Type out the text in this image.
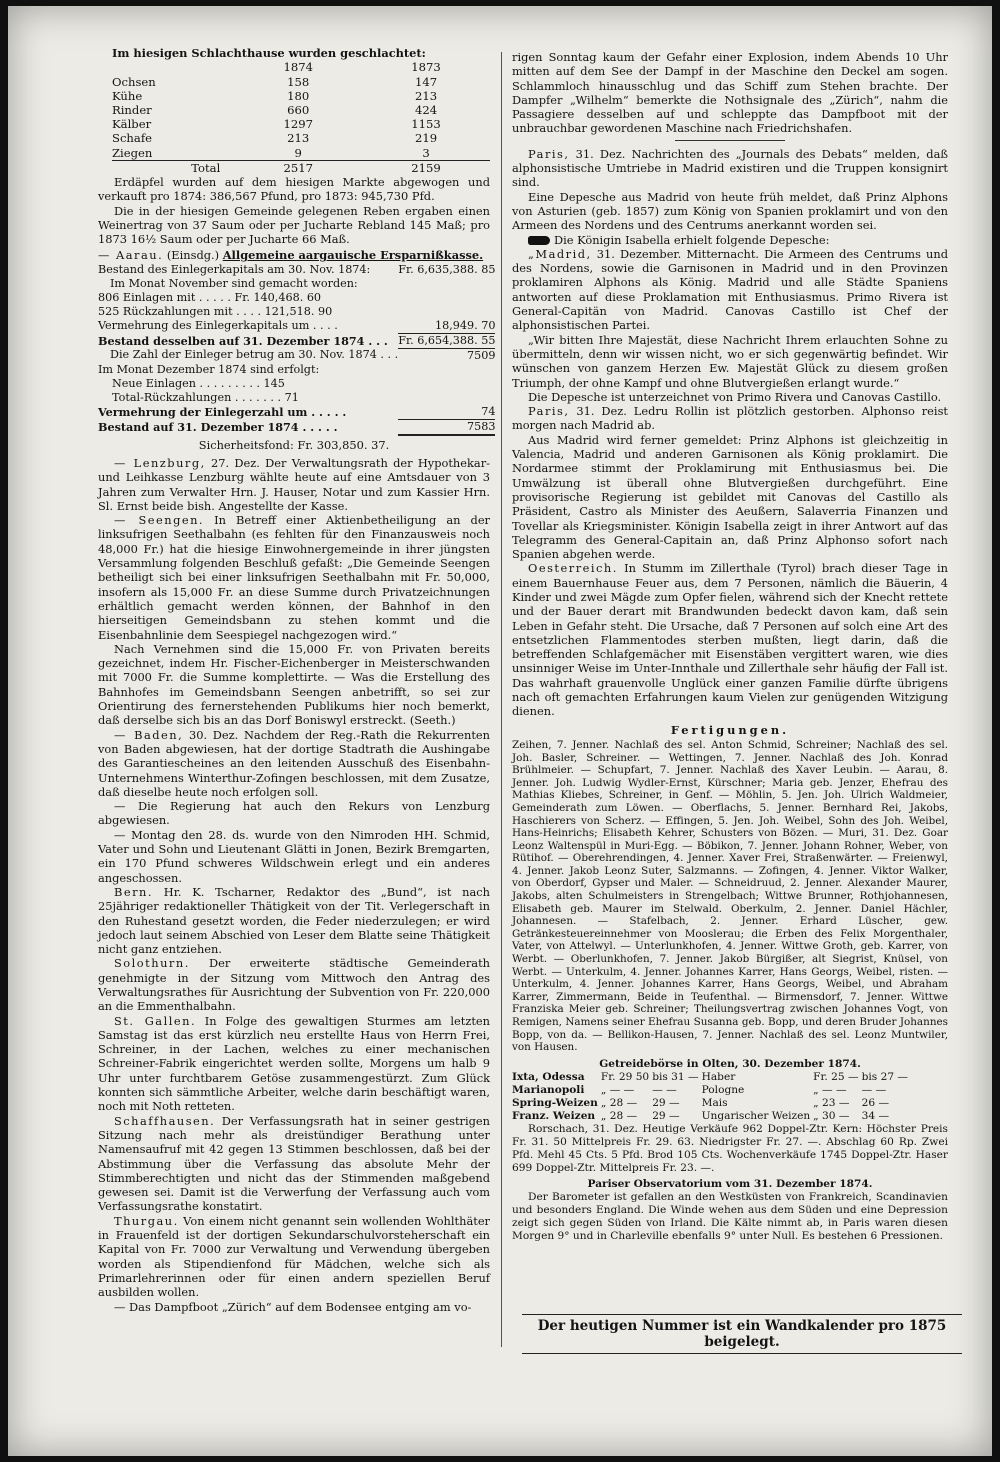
Im hiesigen Schlachthause wurden geschlachtet:

	1874	1873
Ochsen	158	147
Kühe	180	213
Rinder	660	424
Kälber	1297	1153
Schafe	213	219
Ziegen	9	3
Total	2517	2159

Erdäpfel wurden auf dem hiesigen Markte abgewogen und verkauft pro 1874: 386,567 Pfund, pro 1873: 945,730 Pfd.

Die in der hiesigen Gemeinde gelegenen Reben ergaben einen Weinertrag von 37 Saum oder per Jucharte Rebland 145 Maß; pro 1873 16½ Saum oder per Jucharte 66 Maß.

— Aarau. (Einsdg.) Allgemeine aargauische Ersparnißkasse.

Bestand des Einlegerkapitals am 30. Nov. 1874:	Fr. 6,635,388. 85
Im Monat November sind gemacht worden:	
806 Einlagen mit . . . . . Fr. 140,468. 60	
525 Rückzahlungen mit . . . . 121,518. 90	
Vermehrung des Einlegerkapitals um . . . .	18,949. 70
Bestand desselben auf 31. Dezember 1874 . . .	Fr. 6,654,388. 55
Die Zahl der Einleger betrug am 30. Nov. 1874 . . .	7509
Im Monat Dezember 1874 sind erfolgt:	
Neue Einlagen . . . . . . . . . 145	
Total-Rückzahlungen . . . . . . . 71	
Vermehrung der Einlegerzahl um . . . . .	74
Bestand auf 31. Dezember 1874 . . . . .	7583

Sicherheitsfond: Fr. 303,850. 37.

— Lenzburg, 27. Dez. Der Verwaltungsrath der Hypothekar- und Leihkasse Lenzburg wählte heute auf eine Amtsdauer von 3 Jahren zum Verwalter Hrn. J. Hauser, Notar und zum Kassier Hrn. Sl. Ernst beide bish. Angestellte der Kasse.

— Seengen. In Betreff einer Aktienbetheiligung an der linksufrigen Seethalbahn (es fehlten für den Finanzausweis noch 48,000 Fr.) hat die hiesige Einwohnergemeinde in ihrer jüngsten Versammlung folgenden Beschluß gefaßt: „Die Gemeinde Seengen betheiligt sich bei einer linksufrigen Seethalbahn mit Fr. 50,000, insofern als 15,000 Fr. an diese Summe durch Privatzeichnungen erhältlich gemacht werden können, der Bahnhof in den hierseitigen Gemeindsbann zu stehen kommt und die Eisenbahnlinie dem Seespiegel nachgezogen wird.“

Nach Vernehmen sind die 15,000 Fr. von Privaten bereits gezeichnet, indem Hr. Fischer-Eichenberger in Meisterschwanden mit 7000 Fr. die Summe komplettirte. — Was die Erstellung des Bahnhofes im Gemeindsbann Seengen anbetrifft, so sei zur Orientirung des fernerstehenden Publikums hier noch bemerkt, daß derselbe sich bis an das Dorf Boniswyl erstreckt. (Seeth.)

— Baden, 30. Dez. Nachdem der Reg.-Rath die Rekurrenten von Baden abgewiesen, hat der dortige Stadtrath die Aushingabe des Garantiescheines an den leitenden Ausschuß des Eisenbahn-Unternehmens Winterthur-Zofingen beschlossen, mit dem Zusatze, daß dieselbe heute noch erfolgen soll.

— Die Regierung hat auch den Rekurs von Lenzburg abgewiesen.

— Montag den 28. ds. wurde von den Nimroden HH. Schmid, Vater und Sohn und Lieutenant Glätti in Jonen, Bezirk Bremgarten, ein 170 Pfund schweres Wildschwein erlegt und ein anderes angeschossen.

Bern. Hr. K. Tscharner, Redaktor des „Bund“, ist nach 25jähriger redaktioneller Thätigkeit von der Tit. Verlegerschaft in den Ruhestand gesetzt worden, die Feder niederzulegen; er wird jedoch laut seinem Abschied von Leser dem Blatte seine Thätigkeit nicht ganz entziehen.

Solothurn. Der erweiterte städtische Gemeinderath genehmigte in der Sitzung vom Mittwoch den Antrag des Verwaltungsrathes für Ausrichtung der Subvention von Fr. 220,000 an die Emmenthalbahn.

St. Gallen. In Folge des gewaltigen Sturmes am letzten Samstag ist das erst kürzlich neu erstellte Haus von Herrn Frei, Schreiner, in der Lachen, welches zu einer mechanischen Schreiner-Fabrik eingerichtet werden sollte, Morgens um halb 9 Uhr unter furchtbarem Getöse zusammengestürzt. Zum Glück konnten sich sämmtliche Arbeiter, welche darin beschäftigt waren, noch mit Noth retteten.

Schaffhausen. Der Verfassungsrath hat in seiner gestrigen Sitzung nach mehr als dreistündiger Berathung unter Namensaufruf mit 42 gegen 13 Stimmen beschlossen, daß bei der Abstimmung über die Verfassung das absolute Mehr der Stimmberechtigten und nicht das der Stimmenden maßgebend gewesen sei. Damit ist die Verwerfung der Verfassung auch vom Verfassungsrathe konstatirt.

Thurgau. Von einem nicht genannt sein wollenden Wohlthäter in Frauenfeld ist der dortigen Sekundarschulvorsteherschaft ein Kapital von Fr. 7000 zur Verwaltung und Verwendung übergeben worden als Stipendienfond für Mädchen, welche sich als Primarlehrerinnen oder für einen andern speziellen Beruf ausbilden wollen.

— Das Dampfboot „Zürich“ auf dem Bodensee entging am vo-

rigen Sonntag kaum der Gefahr einer Explosion, indem Abends 10 Uhr mitten auf dem See der Dampf in der Maschine den Deckel am sogen. Schlammloch hinausschlug und das Schiff zum Stehen brachte. Der Dampfer „Wilhelm“ bemerkte die Nothsignale des „Zürich“, nahm die Passagiere desselben auf und schleppte das Dampfboot mit der unbrauchbar gewordenen Maschine nach Friedrichshafen.

Paris, 31. Dez. Nachrichten des „Journals des Debats“ melden, daß alphonsistische Umtriebe in Madrid existiren und die Truppen konsignirt sind.

Eine Depesche aus Madrid von heute früh meldet, daß Prinz Alphons von Asturien (geb. 1857) zum König von Spanien proklamirt und von den Armeen des Nordens und des Centrums anerkannt worden sei.

Die Königin Isabella erhielt folgende Depesche:

„Madrid, 31. Dezember. Mitternacht. Die Armeen des Centrums und des Nordens, sowie die Garnisonen in Madrid und in den Provinzen proklamiren Alphons als König. Madrid und alle Städte Spaniens antworten auf diese Proklamation mit Enthusiasmus. Primo Rivera ist General-Capitän von Madrid. Canovas Castillo ist Chef der alphonsistischen Partei.

„Wir bitten Ihre Majestät, diese Nachricht Ihrem erlauchten Sohne zu übermitteln, denn wir wissen nicht, wo er sich gegenwärtig befindet. Wir wünschen von ganzem Herzen Ew. Majestät Glück zu diesem großen Triumph, der ohne Kampf und ohne Blutvergießen erlangt wurde.“

Die Depesche ist unterzeichnet von Primo Rivera und Canovas Castillo.

Paris, 31. Dez. Ledru Rollin ist plötzlich gestorben. Alphonso reist morgen nach Madrid ab.

Aus Madrid wird ferner gemeldet: Prinz Alphons ist gleichzeitig in Valencia, Madrid und anderen Garnisonen als König proklamirt. Die Nordarmee stimmt der Proklamirung mit Enthusiasmus bei. Die Umwälzung ist überall ohne Blutvergießen durchgeführt. Eine provisorische Regierung ist gebildet mit Canovas del Castillo als Präsident, Castro als Minister des Aeußern, Salaverria Finanzen und Tovellar als Kriegsminister. Königin Isabella zeigt in ihrer Antwort auf das Telegramm des General-Capitain an, daß Prinz Alphonso sofort nach Spanien abgehen werde.

Oesterreich. In Stumm im Zillerthale (Tyrol) brach dieser Tage in einem Bauernhause Feuer aus, dem 7 Personen, nämlich die Bäuerin, 4 Kinder und zwei Mägde zum Opfer fielen, während sich der Knecht rettete und der Bauer derart mit Brandwunden bedeckt davon kam, daß sein Leben in Gefahr steht. Die Ursache, daß 7 Personen auf solch eine Art des entsetzlichen Flammentodes sterben mußten, liegt darin, daß die betreffenden Schlafgemächer mit Eisenstäben vergittert waren, wie dies unsinniger Weise im Unter-Innthale und Zillerthale sehr häufig der Fall ist. Das wahrhaft grauenvolle Unglück einer ganzen Familie dürfte übrigens nach oft gemachten Erfahrungen kaum Vielen zur genügenden Witzigung dienen.

Fertigungen.

Zeihen, 7. Jenner. Nachlaß des sel. Anton Schmid, Schreiner; Nachlaß des sel. Joh. Basler, Schreiner. — Wettingen, 7. Jenner. Nachlaß des Joh. Konrad Brühlmeier. — Schupfart, 7. Jenner. Nachlaß des Xaver Leubin. — Aarau, 8. Jenner. Joh. Ludwig Wydler-Ernst, Kürschner; Maria geb. Jenzer, Ehefrau des Mathias Kliebes, Schreiner, in Genf. — Möhlin, 5. Jen. Joh. Ulrich Waldmeier, Gemeinderath zum Löwen. — Oberflachs, 5. Jenner. Bernhard Rei, Jakobs, Haschierers von Scherz. — Effingen, 5. Jen. Joh. Weibel, Sohn des Joh. Weibel, Hans-Heinrichs; Elisabeth Kehrer, Schusters von Bözen. — Muri, 31. Dez. Goar Leonz Waltenspül in Muri-Egg. — Böbikon, 7. Jenner. Johann Rohner, Weber, von Rütihof. — Oberehrendingen, 4. Jenner. Xaver Frei, Straßenwärter. — Freienwyl, 4. Jenner. Jakob Leonz Suter, Salzmanns. — Zofingen, 4. Jenner. Viktor Walker, von Oberdorf, Gypser und Maler. — Schneidruud, 2. Jenner. Alexander Maurer, Jakobs, alten Schulmeisters in Strengelbach; Wittwe Brunner, Rothjohannesen, Elisabeth geb. Maurer im Stelwald. Oberkulm, 2. Jenner. Daniel Hächler, Johannesen. — Stafelbach, 2. Jenner. Erhard Lüscher, gew. Getränkesteuereinnehmer von Mooslerau; die Erben des Felix Morgenthaler, Vater, von Attelwyl. — Unterlunkhofen, 4. Jenner. Wittwe Groth, geb. Karrer, von Werbt. — Oberlunkhofen, 7. Jenner. Jakob Bürgißer, alt Siegrist, Knüsel, von Werbt. — Unterkulm, 4. Jenner. Johannes Karrer, Hans Georgs, Weibel, risten. — Unterkulm, 4. Jenner. Johannes Karrer, Hans Georgs, Weibel, und Abraham Karrer, Zimmermann, Beide in Teufenthal. — Birmensdorf, 7. Jenner. Wittwe Franziska Meier geb. Schreiner; Theilungsvertrag zwischen Johannes Vogt, von Remigen, Namens seiner Ehefrau Susanna geb. Bopp, und deren Bruder Johannes Bopp, von da. — Bellikon-Hausen, 7. Jenner. Nachlaß des sel. Leonz Muntwiler, von Hausen.

Getreidebörse in Olten, 30. Dezember 1874.

Ixta, Odessa	Fr. 29 50	bis 31 —	Haber	Fr. 25 —	bis 27 —
Marianopoli	„ — —	— —	Pologne	„ — —	— —
Spring-Weizen	„ 28 —	29 —	Mais	„ 23 —	26 —
Franz. Weizen	„ 28 —	29 —	Ungarischer Weizen	„ 30 —	34 —

Rorschach, 31. Dez. Heutige Verkäufe 962 Doppel-Ztr. Kern: Höchster Preis Fr. 31. 50 Mittelpreis Fr. 29. 63. Niedrigster Fr. 27. —. Abschlag 60 Rp. Zwei Pfd. Mehl 45 Cts. 5 Pfd. Brod 105 Cts. Wochenverkäufe 1745 Doppel-Ztr. Haser 699 Doppel-Ztr. Mittelpreis Fr. 23. —.

Pariser Observatorium vom 31. Dezember 1874.

Der Barometer ist gefallen an den Westküsten von Frankreich, Scandinavien und besonders England. Die Winde wehen aus dem Süden und eine Depression zeigt sich gegen Süden von Irland. Die Kälte nimmt ab, in Paris waren diesen Morgen 9° und in Charleville ebenfalls 9° unter Null. Es bestehen 6 Pressionen.

Der heutigen Nummer ist ein Wandkalender pro 1875 beigelegt.
